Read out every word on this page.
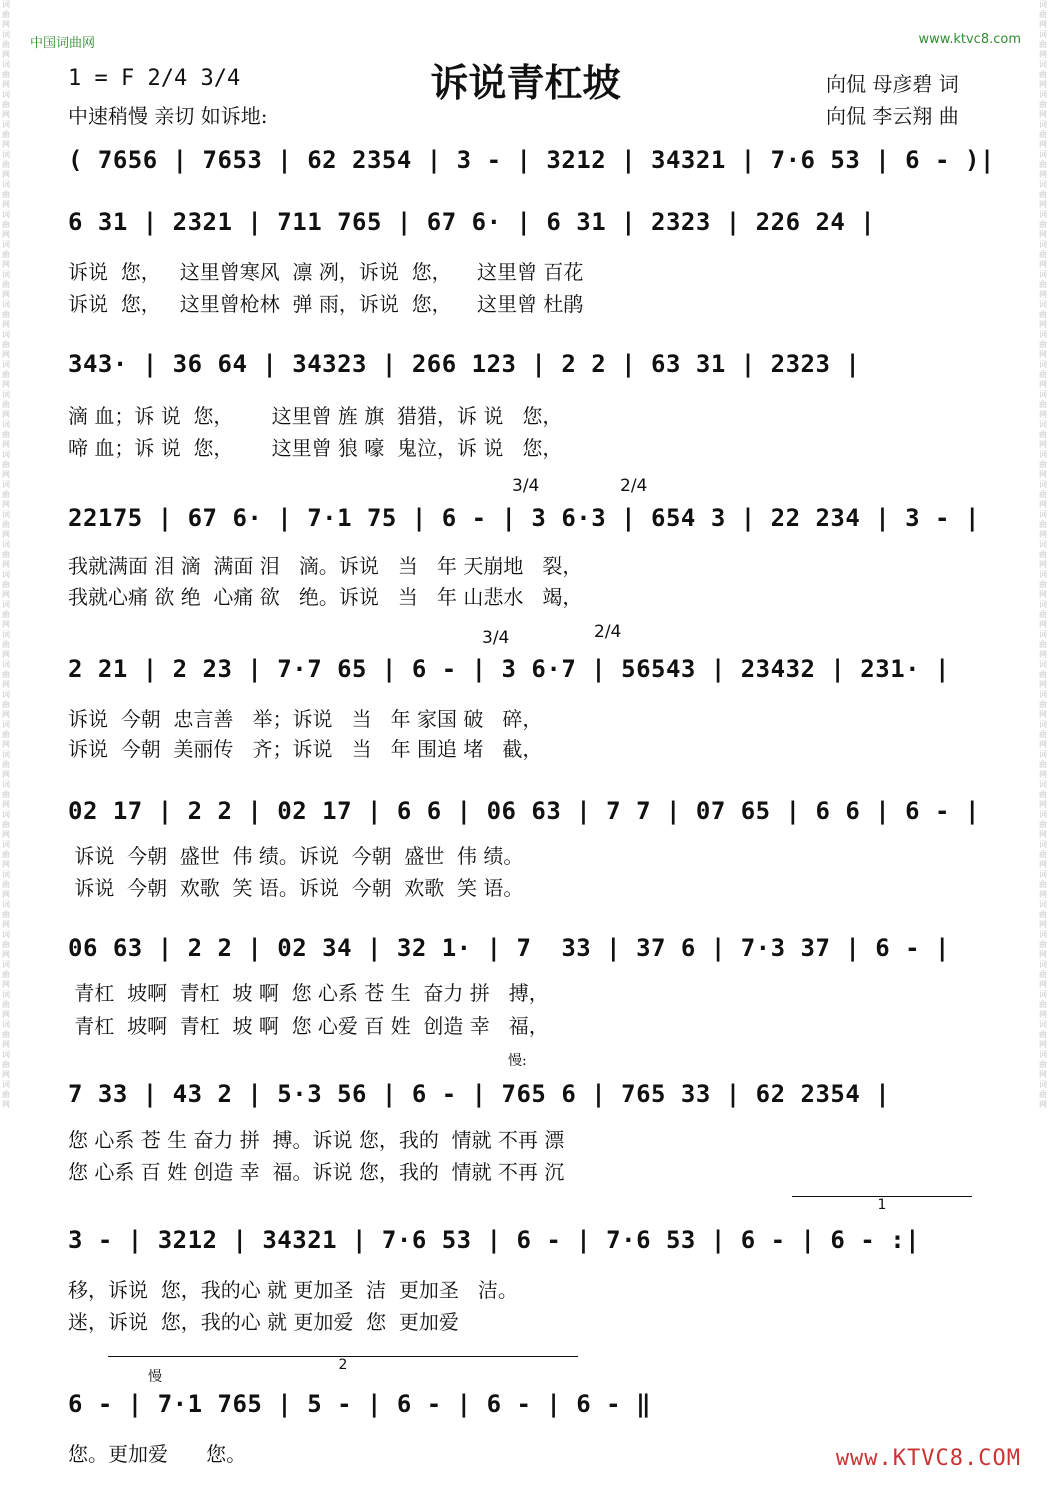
词 曲 网 词 曲 网 词 曲 网 词 曲 网 词 曲 网 词 曲 网 词 曲 网 词 曲 网 词 曲 网 词 曲 网 词 曲 网 词 曲 网 词 曲 网 词 曲 网 词 曲 网 词 曲 网 词 曲 网 词 曲 网 词 曲 网 词 曲 网 词 曲 网 词 曲 网 词 曲 网 词 曲 网 词 曲 网 词 曲 网 词 曲 网 词 曲 网 词 曲 网 词 曲 网 词 曲 网 词 曲 网 词 曲 网 词 曲 网 词 曲 网 词 曲 网 词 曲 网
词 曲 网 词 曲 网 词 曲 网 词 曲 网 词 曲 网 词 曲 网 词 曲 网 词 曲 网 词 曲 网 词 曲 网 词 曲 网 词 曲 网 词 曲 网 词 曲 网 词 曲 网 词 曲 网 词 曲 网 词 曲 网 词 曲 网 词 曲 网 词 曲 网 词 曲 网 词 曲 网 词 曲 网 词 曲 网 词 曲 网 词 曲 网 词 曲 网 词 曲 网 词 曲 网 词 曲 网 词 曲 网 词 曲 网 词 曲 网 词 曲 网 词 曲 网 词 曲 网
中国词曲网	www.ktvc8.com
1 = F 2/4 3/4
中速稍慢 亲切 如诉地:
诉说青杠坡	向侃 母彦碧 词
向侃 李云翔 曲
( 7656 | 7653 | 62 2354 | 3 - | 3212 | 34321 | 7·6 53 | 6 - )|
6 31 | 2321 | 711 765 | 67 6· | 6 31 | 2323 | 226 24 |
诉说  您，   这里曾寒风  凛 冽，诉说  您，    这里曾 百花
诉说  您，   这里曾枪林  弹 雨，诉说  您，    这里曾 杜鹃
343· | 36 64 | 34323 | 266 123 | 2 2 | 63 31 | 2323 |
滴 血；诉 说  您，      这里曾 旌 旗  猎猎，诉 说   您，
啼 血；诉 说  您，      这里曾 狼 嚎  鬼泣，诉 说   您，
3/4	2/4
22175 | 67 6· | 7·1 75 | 6 - | 3 6·3 | 654 3 | 22 234 | 3 - |
我就满面 泪 滴  满面 泪   滴。诉说   当   年 天崩地   裂，
我就心痛 欲 绝  心痛 欲   绝。诉说   当   年 山悲水   竭，
3/4	2/4
2 21 | 2 23 | 7·7 65 | 6 - | 3 6·7 | 56543 | 23432 | 231· |
诉说  今朝  忠言善   举；诉说   当   年 家国 破   碎，
诉说  今朝  美丽传   齐；诉说   当   年 围追 堵   截，
02 17 | 2 2 | 02 17 | 6 6 | 06 63 | 7 7 | 07 65 | 6 6 | 6 - |
诉说  今朝  盛世  伟 绩。诉说  今朝  盛世  伟 绩。
诉说  今朝  欢歌  笑 语。诉说  今朝  欢歌  笑 语。
06 63 | 2 2 | 02 34 | 32 1· | 7  33 | 37 6 | 7·3 37 | 6 - |
青杠  坡啊  青杠  坡 啊  您 心系 苍 生  奋力 拼   搏，
青杠  坡啊  青杠  坡 啊  您 心爱 百 姓  创造 幸   福，
慢:
7 33 | 43 2 | 5·3 56 | 6 - | 765 6 | 765 33 | 62 2354 |
您 心系 苍 生 奋力 拼  搏。诉说 您，我的  情就 不再 漂
您 心系 百 姓 创造 幸  福。诉说 您，我的  情就 不再 沉
1
3 - | 3212 | 34321 | 7·6 53 | 6 - | 7·6 53 | 6 - | 6 - :|
移，诉说  您，我的心 就 更加圣  洁  更加圣   洁。
迷，诉说  您，我的心 就 更加爱  您  更加爱
2
慢
6 - | 7·1 765 | 5 - | 6 - | 6 - | 6 - ‖
您。更加爱      您。	www.KTVC8.COM
